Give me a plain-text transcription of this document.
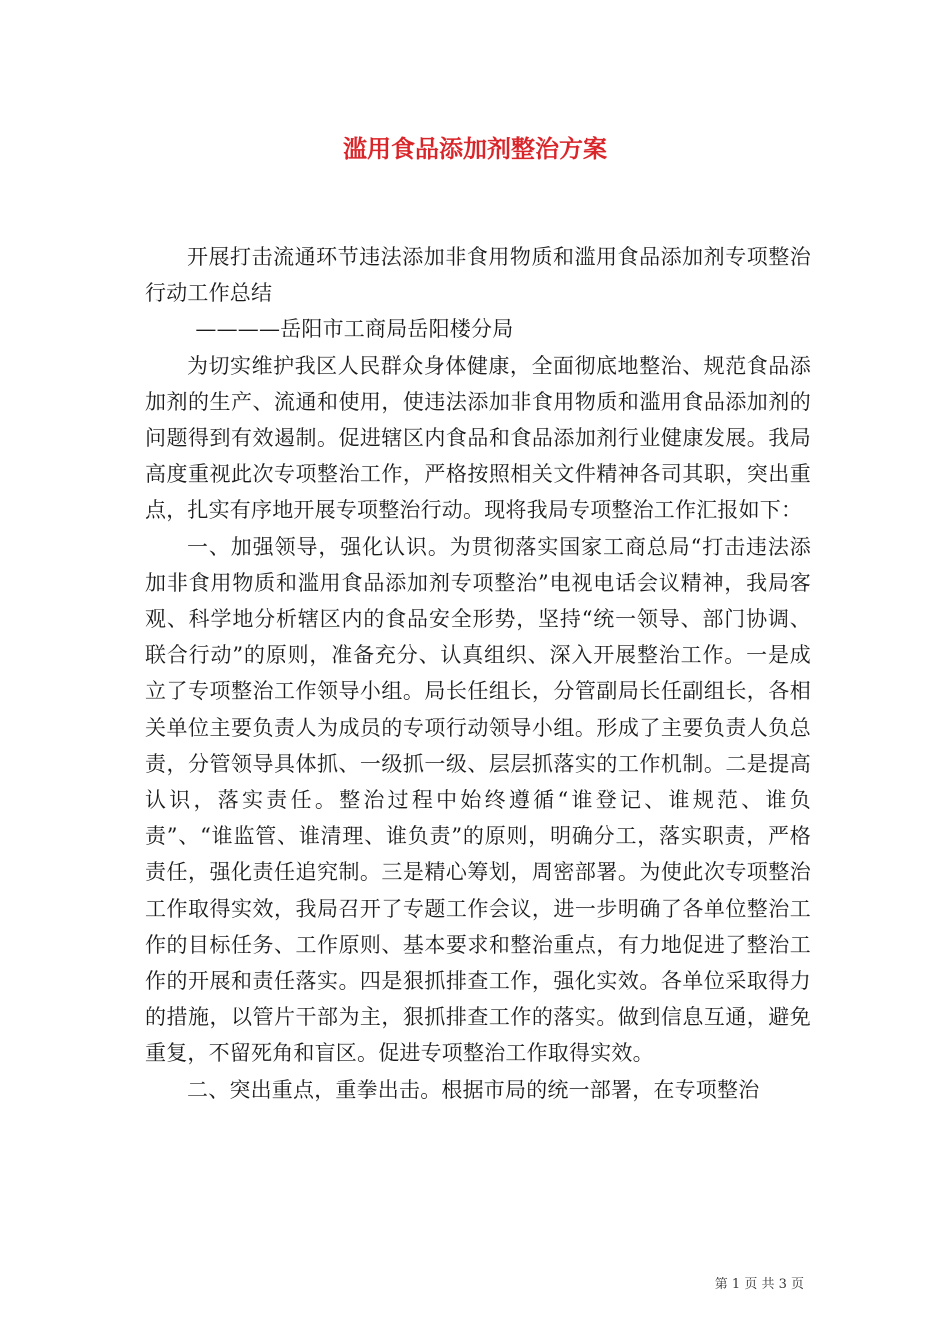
滥用食品添加剂整治方案

开展打击流通环节违法添加非食用物质和滥用食品添加剂专项整治行动工作总结

————岳阳市工商局岳阳楼分局

为切实维护我区人民群众身体健康，全面彻底地整治、规范食品添加剂的生产、流通和使用，使违法添加非食用物质和滥用食品添加剂的问题得到有效遏制。促进辖区内食品和食品添加剂行业健康发展。我局高度重视此次专项整治工作，严格按照相关文件精神各司其职，突出重点，扎实有序地开展专项整治行动。现将我局专项整治工作汇报如下：

一、加强领导，强化认识。为贯彻落实国家工商总局“打击违法添加非食用物质和滥用食品添加剂专项整治”电视电话会议精神，我局客观、科学地分析辖区内的食品安全形势，坚持“统一领导、部门协调、联合行动”的原则，准备充分、认真组织、深入开展整治工作。一是成立了专项整治工作领导小组。局长任组长，分管副局长任副组长，各相关单位主要负责人为成员的专项行动领导小组。形成了主要负责人负总责，分管领导具体抓、一级抓一级、层层抓落实的工作机制。二是提高认识，落实责任。整治过程中始终遵循“谁登记、谁规范、谁负责”、“谁监管、谁清理、谁负责”的原则，明确分工，落实职责，严格责任，强化责任追究制。三是精心筹划，周密部署。为使此次专项整治工作取得实效，我局召开了专题工作会议，进一步明确了各单位整治工作的目标任务、工作原则、基本要求和整治重点，有力地促进了整治工作的开展和责任落实。四是狠抓排查工作，强化实效。各单位采取得力的措施，以管片干部为主，狠抓排查工作的落实。做到信息互通，避免重复，不留死角和盲区。促进专项整治工作取得实效。

二、突出重点，重拳出击。根据市局的统一部署，在专项整治

第 1 页 共 3 页
